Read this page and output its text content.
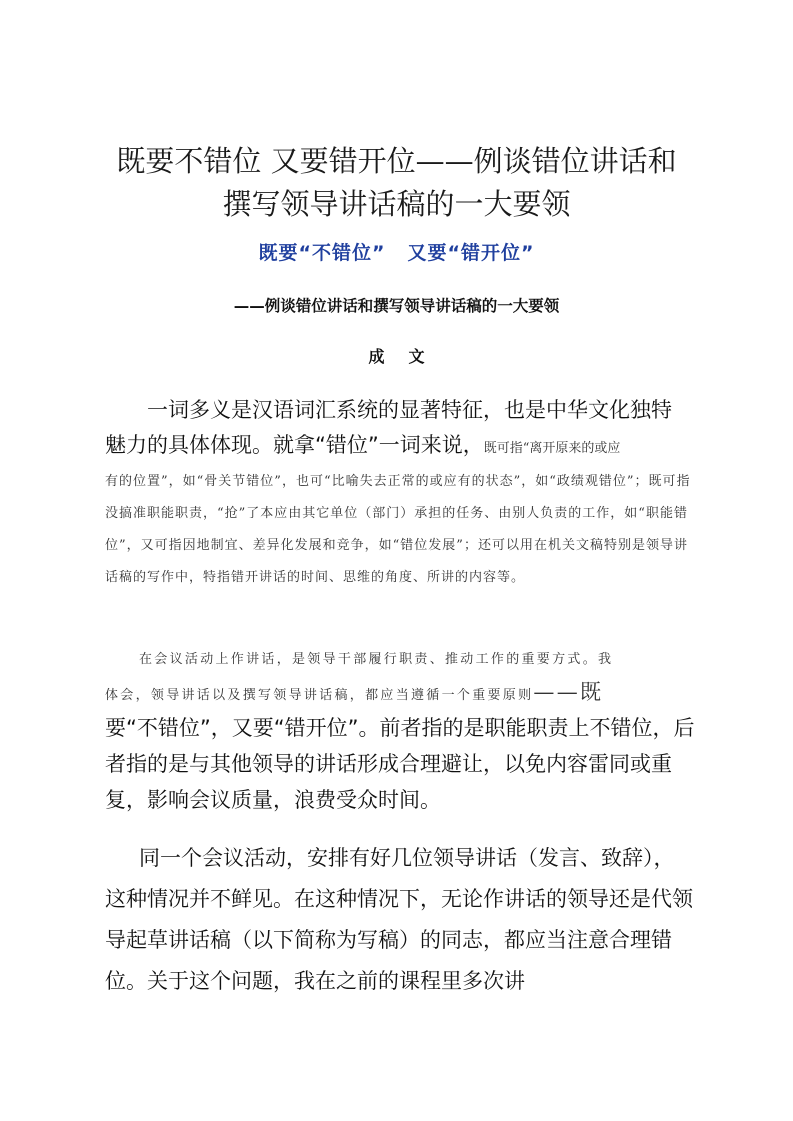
既要不错位 又要错开位——例谈错位讲话和
撰写领导讲话稿的一大要领
既要“不错位” 又要“错开位”
——例谈错位讲话和撰写领导讲话稿的一大要领
成文

一词多义是汉语词汇系统的显著特征，也是中华文化独特
魅力的具体体现。就拿“错位”一词来说，既可指“离开原来的或应
有的位置”，如“骨关节错位”，也可“比喻失去正常的或应有的状态”，如“政绩观错位”；既可指没搞准职能职责，“抢”了本应由其它单位（部门）承担的任务、由别人负责的工作，如“职能错位”，又可指因地制宜、差异化发展和竞争，如“错位发展”；还可以用在机关文稿特别是领导讲话稿的写作中，特指错开讲话的时间、思维的角度、所讲的内容等。

在会议活动上作讲话，是领导干部履行职责、推动工作的重要方式。我
体会，领导讲话以及撰写领导讲话稿，都应当遵循一个重要原则——既
要“不错位”，又要“错开位”。前者指的是职能职责上不错位，后者指的是与其他领导的讲话形成合理避让，以免内容雷同或重复，影响会议质量，浪费受众时间。

同一个会议活动，安排有好几位领导讲话（发言、致辞），这种情况并不鲜见。在这种情况下，无论作讲话的领导还是代领导起草讲话稿（以下简称为写稿）的同志，都应当注意合理错位。关于这个问题，我在之前的课程里多次讲
